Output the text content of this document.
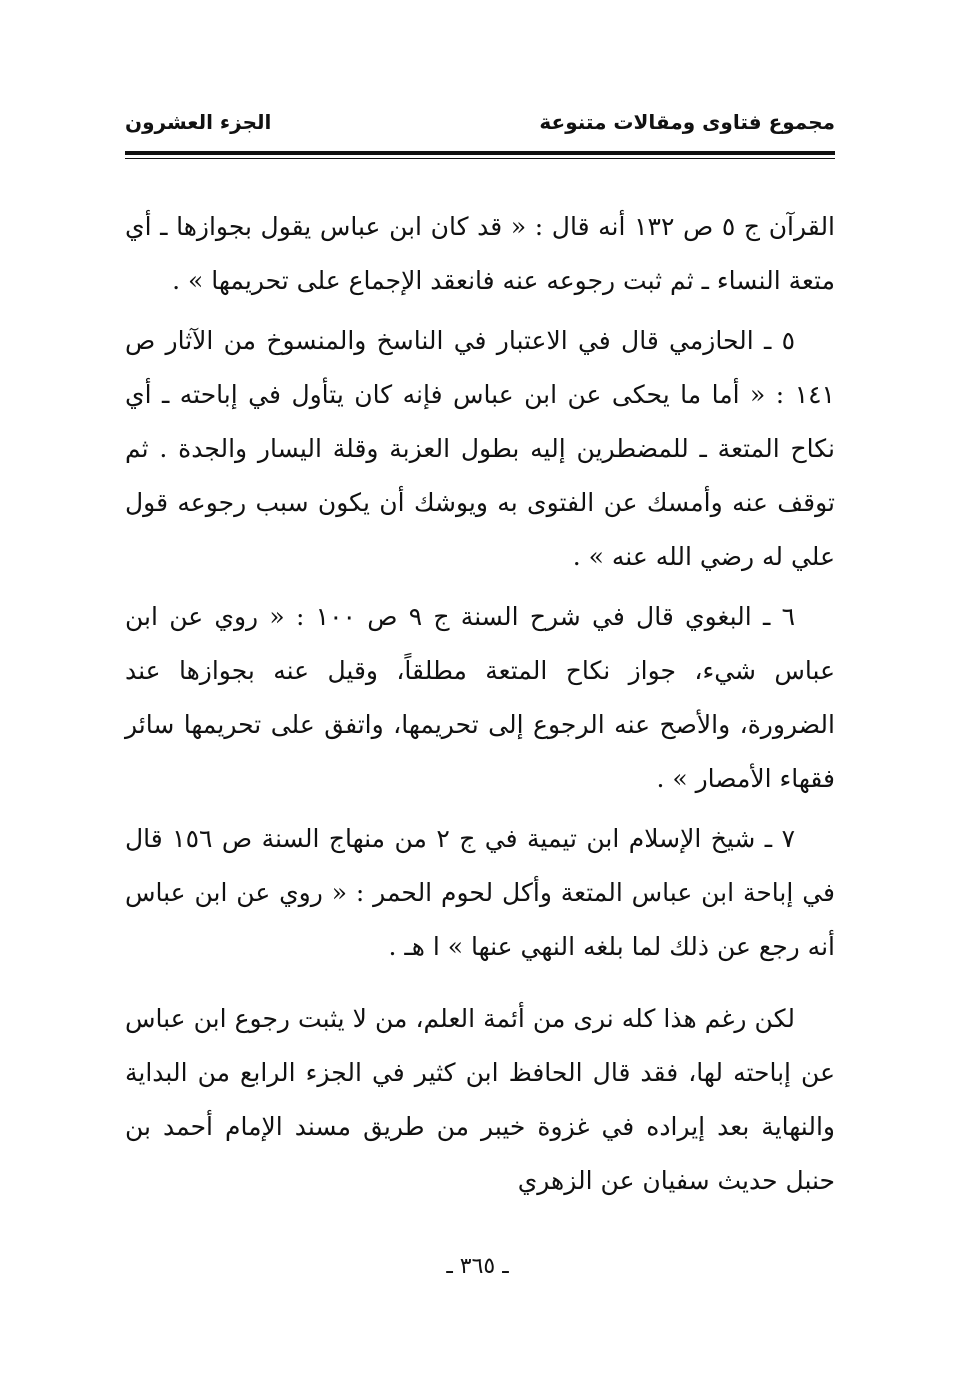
مجموع فتاوى ومقالات متنوعة
الجزء العشرون

القرآن ج ٥ ص ١٣٢ أنه قال : « قد كان ابن عباس يقول بجوازها ـ أي متعة النساء ـ ثم ثبت رجوعه عنه فانعقد الإجماع على تحريمها » .

٥ ـ الحازمي قال في الاعتبار في الناسخ والمنسوخ من الآثار ص ١٤١ : « أما ما يحكى عن ابن عباس فإنه كان يتأول في إباحته ـ أي نكاح المتعة ـ للمضطرين إليه بطول العزبة وقلة اليسار والجدة . ثم توقف عنه وأمسك عن الفتوى به ويوشك أن يكون سبب رجوعه قول علي له رضي الله عنه » .

٦ ـ البغوي قال في شرح السنة ج ٩ ص ١٠٠ : « روي عن ابن عباس شيء، جواز نكاح المتعة مطلقاً، وقيل عنه بجوازها عند الضرورة، والأصح عنه الرجوع إلى تحريمها، واتفق على تحريمها سائر فقهاء الأمصار » .

٧ ـ شيخ الإسلام ابن تيمية في ج ٢ من منهاج السنة ص ١٥٦ قال في إباحة ابن عباس المتعة وأكل لحوم الحمر : « روي عن ابن عباس أنه رجع عن ذلك لما بلغه النهي عنها » ا هـ .

لكن رغم هذا كله نرى من أئمة العلم، من لا يثبت رجوع ابن عباس عن إباحته لها، فقد قال الحافظ ابن كثير في الجزء الرابع من البداية والنهاية بعد إيراده في غزوة خيبر من طريق مسند الإمام أحمد بن حنبل حديث سفيان عن الزهري

ـ ٣٦٥ ـ
